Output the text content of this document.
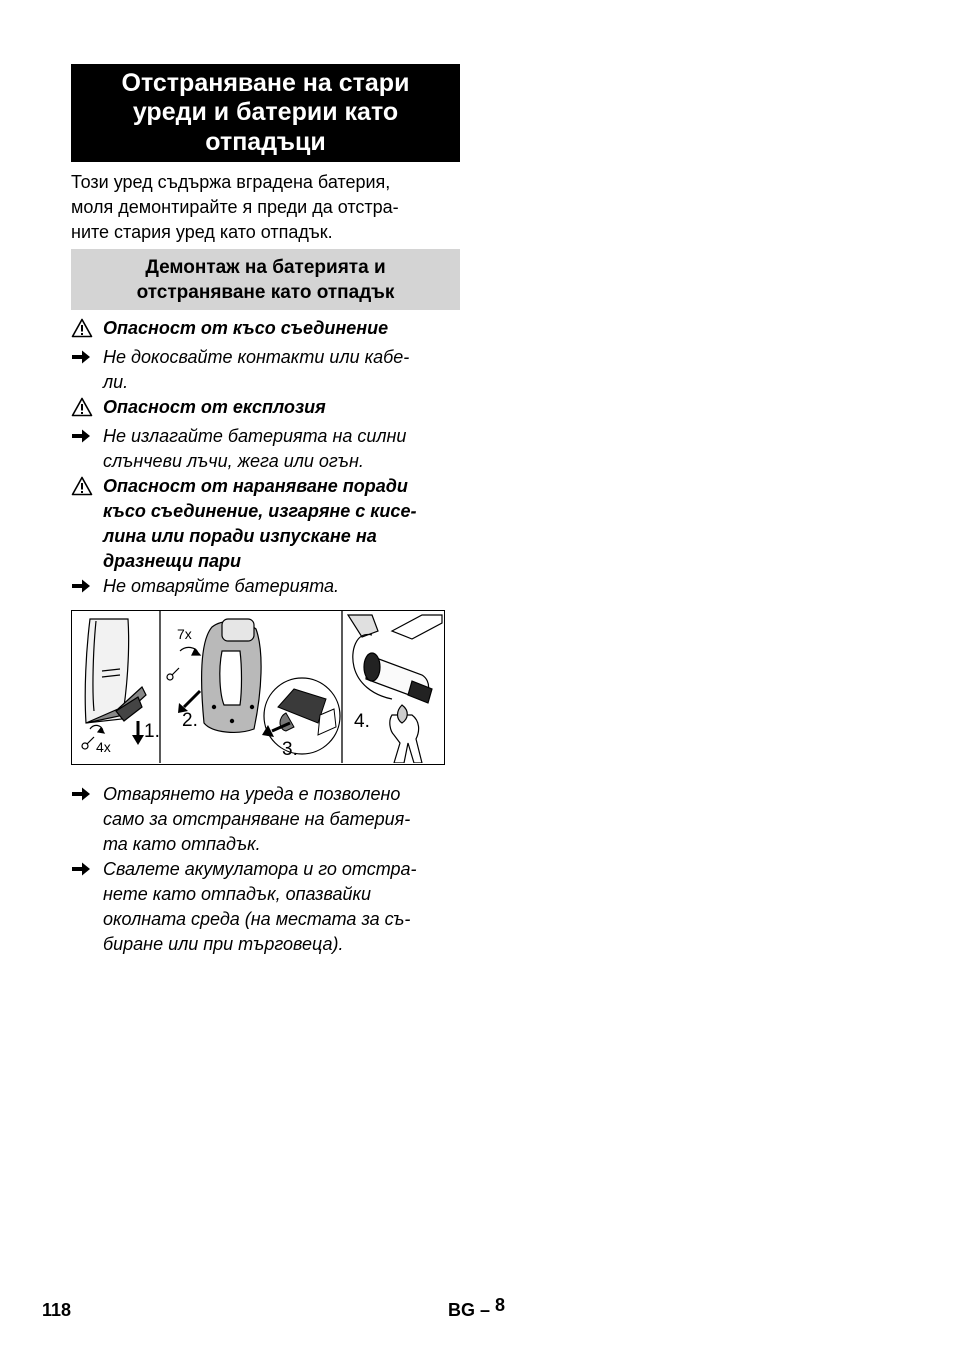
Отстраняване на стари
уреди и батерии като
отпадъци
Този уред съдържа вградена батерия,
моля демонтирайте я преди да отстра-
ните стария уред като отпадък.
Демонтаж на батерията и
отстраняване като отпадък
Опасност от късо съединение
Не докосвайте контакти или кабе-
ли.
Опасност от експлозия
Не излагайте батерията на силни
слънчеви лъчи, жега или огън.
Опасност от нараняване поради
късо съединение, изгаряне с кисе-
лина или поради изпускане на
дразнещи пари
Не отваряйте батерията.
1.
4x
7x
2.
3.
4.
Отварянето на уреда е позволено
само за отстраняване на батерия-
та като отпадък.
Свалете акумулатора и го отстра-
нете като отпадък, опазвайки
околната среда (на местата за съ-
биране или при търговеца).
118	BG – 8
